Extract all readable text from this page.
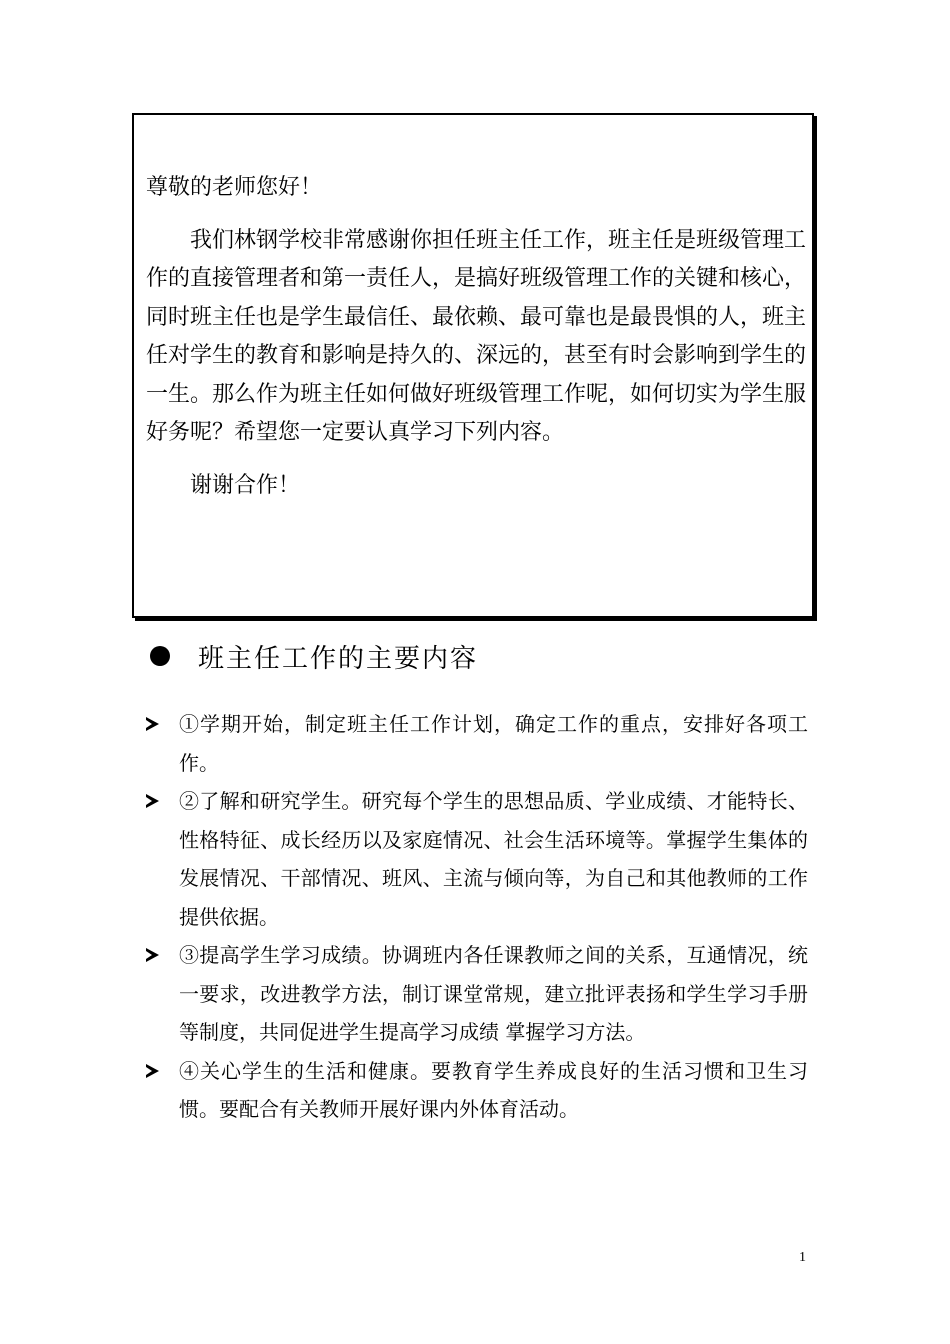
尊敬的老师您好！

我们林钢学校非常感谢你担任班主任工作，班主任是班级管理工作的直接管理者和第一责任人，是搞好班级管理工作的关键和核心，同时班主任也是学生最信任、最依赖、最可靠也是最畏惧的人，班主任对学生的教育和影响是持久的、深远的，甚至有时会影响到学生的一生。那么作为班主任如何做好班级管理工作呢，如何切实为学生服好务呢？希望您一定要认真学习下列内容。

谢谢合作！

班主任工作的主要内容
①学期开始，制定班主任工作计划，确定工作的重点，安排好各项工作。
②了解和研究学生。研究每个学生的思想品质、学业成绩、才能特长、性格特征、成长经历以及家庭情况、社会生活环境等。掌握学生集体的发展情况、干部情况、班风、主流与倾向等，为自己和其他教师的工作提供依据。
③提高学生学习成绩。协调班内各任课教师之间的关系，互通情况，统一要求，改进教学方法，制订课堂常规，建立批评表扬和学生学习手册等制度，共同促进学生提高学习成绩 掌握学习方法。
④关心学生的生活和健康。要教育学生养成良好的生活习惯和卫生习惯。要配合有关教师开展好课内外体育活动。
1
